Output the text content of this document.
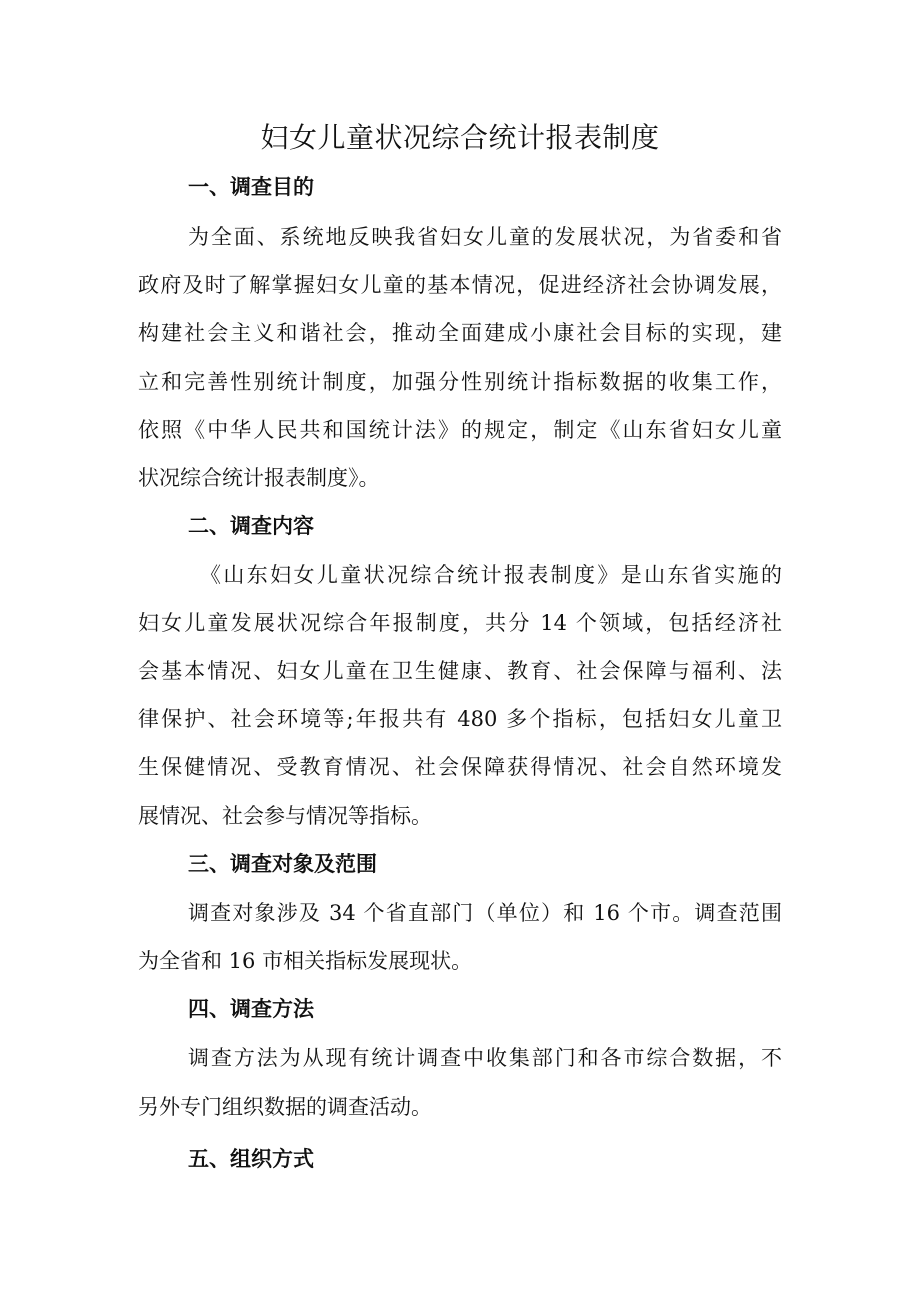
妇女儿童状况综合统计报表制度
一、调查目的

为全面、系统地反映我省妇女儿童的发展状况，为省委和省

政府及时了解掌握妇女儿童的基本情况，促进经济社会协调发展，

构建社会主义和谐社会，推动全面建成小康社会目标的实现，建

立和完善性别统计制度，加强分性别统计指标数据的收集工作，

依照《中华人民共和国统计法》的规定，制定《山东省妇女儿童

状况综合统计报表制度》。

二、调查内容

《山东妇女儿童状况综合统计报表制度》是山东省实施的

妇女儿童发展状况综合年报制度，共分 14 个领域，包括经济社

会基本情况、妇女儿童在卫生健康、教育、社会保障与福利、法

律保护、社会环境等;年报共有 480 多个指标，包括妇女儿童卫

生保健情况、受教育情况、社会保障获得情况、社会自然环境发

展情况、社会参与情况等指标。

三、调查对象及范围

调查对象涉及 34 个省直部门（单位）和 16 个市。调查范围

为全省和 16 市相关指标发展现状。

四、调查方法

调查方法为从现有统计调查中收集部门和各市综合数据，不

另外专门组织数据的调查活动。

五、组织方式
